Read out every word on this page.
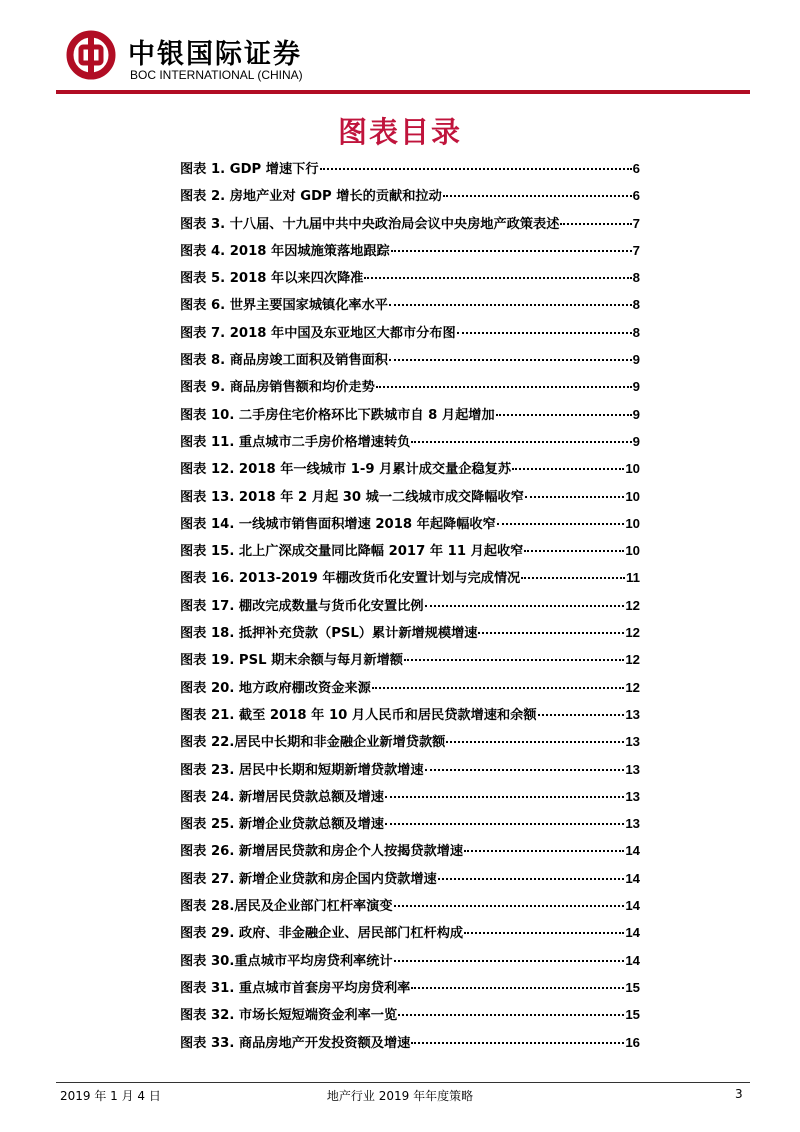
中银国际证券
BOC INTERNATIONAL (CHINA)
图表目录
图表 1. GDP 增速下行	6
图表 2. 房地产业对 GDP 增长的贡献和拉动	6
图表 3. 十八届、十九届中共中央政治局会议中央房地产政策表述	7
图表 4. 2018 年因城施策落地跟踪	7
图表 5. 2018 年以来四次降准	8
图表 6. 世界主要国家城镇化率水平	8
图表 7. 2018 年中国及东亚地区大都市分布图	8
图表 8. 商品房竣工面积及销售面积	9
图表 9. 商品房销售额和均价走势	9
图表 10. 二手房住宅价格环比下跌城市自 8 月起增加	9
图表 11. 重点城市二手房价格增速转负	9
图表 12. 2018 年一线城市 1-9 月累计成交量企稳复苏	10
图表 13. 2018 年 2 月起 30 城一二线城市成交降幅收窄	10
图表 14. 一线城市销售面积增速 2018 年起降幅收窄	10
图表 15. 北上广深成交量同比降幅 2017 年 11 月起收窄	10
图表 16. 2013-2019 年棚改货币化安置计划与完成情况	11
图表 17. 棚改完成数量与货币化安置比例	12
图表 18. 抵押补充贷款（PSL）累计新增规模增速	12
图表 19. PSL 期末余额与每月新增额	12
图表 20. 地方政府棚改资金来源	12
图表 21. 截至 2018 年 10 月人民币和居民贷款增速和余额	13
图表 22.居民中长期和非金融企业新增贷款额	13
图表 23. 居民中长期和短期新增贷款增速	13
图表 24. 新增居民贷款总额及增速	13
图表 25. 新增企业贷款总额及增速	13
图表 26. 新增居民贷款和房企个人按揭贷款增速	14
图表 27. 新增企业贷款和房企国内贷款增速	14
图表 28.居民及企业部门杠杆率演变	14
图表 29. 政府、非金融企业、居民部门杠杆构成	14
图表 30.重点城市平均房贷利率统计	14
图表 31. 重点城市首套房平均房贷利率	15
图表 32. 市场长短短端资金利率一览	15
图表 33. 商品房地产开发投资额及增速	16
2019 年 1 月 4 日	地产行业 2019 年年度策略	3
